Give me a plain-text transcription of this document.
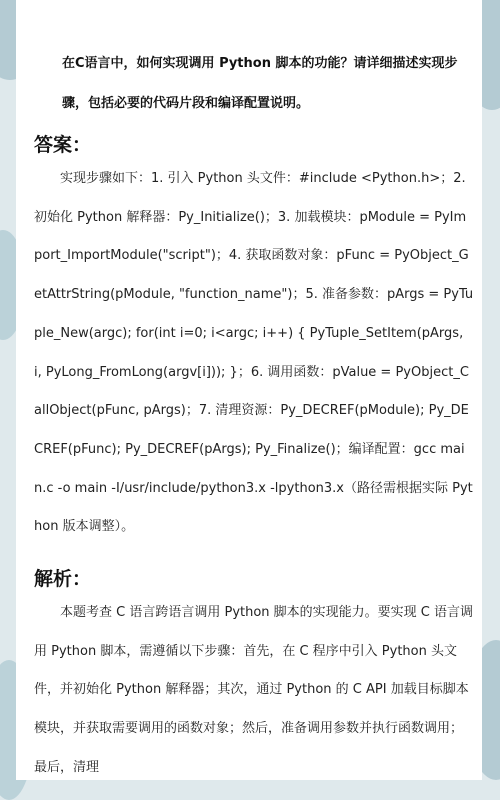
在C语言中，如何实现调用 Python 脚本的功能？请详细描述实现步骤，包括必要的代码片段和编译配置说明。
答案：
实现步骤如下：1. 引入 Python 头文件：#include <Python.h>；2. 初始化 Python 解释器：Py_Initialize()；3. 加载模块：pModule = PyImport_ImportModule("script")；4. 获取函数对象：pFunc = PyObject_GetAttrString(pModule, "function_name")；5. 准备参数：pArgs = PyTuple_New(argc); for(int i=0; i<argc; i++) { PyTuple_SetItem(pArgs, i, PyLong_FromLong(argv[i])); }；6. 调用函数：pValue = PyObject_CallObject(pFunc, pArgs)；7. 清理资源：Py_DECREF(pModule); Py_DECREF(pFunc); Py_DECREF(pArgs); Py_Finalize()；编译配置：gcc main.c -o main -I/usr/include/python3.x -lpython3.x（路径需根据实际 Python 版本调整）。
解析：
本题考查 C 语言跨语言调用 Python 脚本的实现能力。要实现 C 语言调用 Python 脚本，需遵循以下步骤：首先，在 C 程序中引入 Python 头文件，并初始化 Python 解释器；其次，通过 Python 的 C API 加载目标脚本模块，并获取需要调用的函数对象；然后，准备调用参数并执行函数调用；最后，清理
